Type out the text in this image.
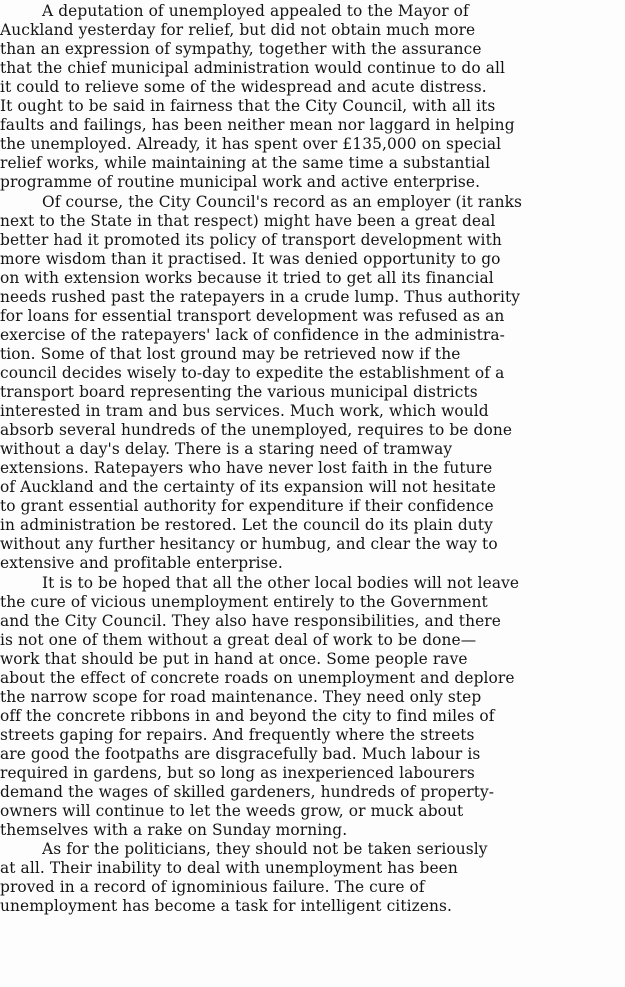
A deputation of unemployed appealed to the Mayor of
Auckland yesterday for relief, but did not obtain much more
than an expression of sympathy, together with the assurance
that the chief municipal administration would continue to do all
it could to relieve some of the widespread and acute distress.
It ought to be said in fairness that the City Council, with all its
faults and failings, has been neither mean nor laggard in helping
the unemployed. Already, it has spent over £135,000 on special
relief works, while maintaining at the same time a substantial
programme of routine municipal work and active enterprise.
Of course, the City Council's record as an employer (it ranks
next to the State in that respect) might have been a great deal
better had it promoted its policy of transport development with
more wisdom than it practised. It was denied opportunity to go
on with extension works because it tried to get all its financial
needs rushed past the ratepayers in a crude lump. Thus authority
for loans for essential transport development was refused as an
exercise of the ratepayers' lack of confidence in the administra-
tion. Some of that lost ground may be retrieved now if the
council decides wisely to-day to expedite the establishment of a
transport board representing the various municipal districts
interested in tram and bus services. Much work, which would
absorb several hundreds of the unemployed, requires to be done
without a day's delay. There is a staring need of tramway
extensions. Ratepayers who have never lost faith in the future
of Auckland and the certainty of its expansion will not hesitate
to grant essential authority for expenditure if their confidence
in administration be restored. Let the council do its plain duty
without any further hesitancy or humbug, and clear the way to
extensive and profitable enterprise.
It is to be hoped that all the other local bodies will not leave
the cure of vicious unemployment entirely to the Government
and the City Council. They also have responsibilities, and there
is not one of them without a great deal of work to be done—
work that should be put in hand at once. Some people rave
about the effect of concrete roads on unemployment and deplore
the narrow scope for road maintenance. They need only step
off the concrete ribbons in and beyond the city to find miles of
streets gaping for repairs. And frequently where the streets
are good the footpaths are disgracefully bad. Much labour is
required in gardens, but so long as inexperienced labourers
demand the wages of skilled gardeners, hundreds of property-
owners will continue to let the weeds grow, or muck about
themselves with a rake on Sunday morning.
As for the politicians, they should not be taken seriously
at all. Their inability to deal with unemployment has been
proved in a record of ignominious failure. The cure of
unemployment has become a task for intelligent citizens.
